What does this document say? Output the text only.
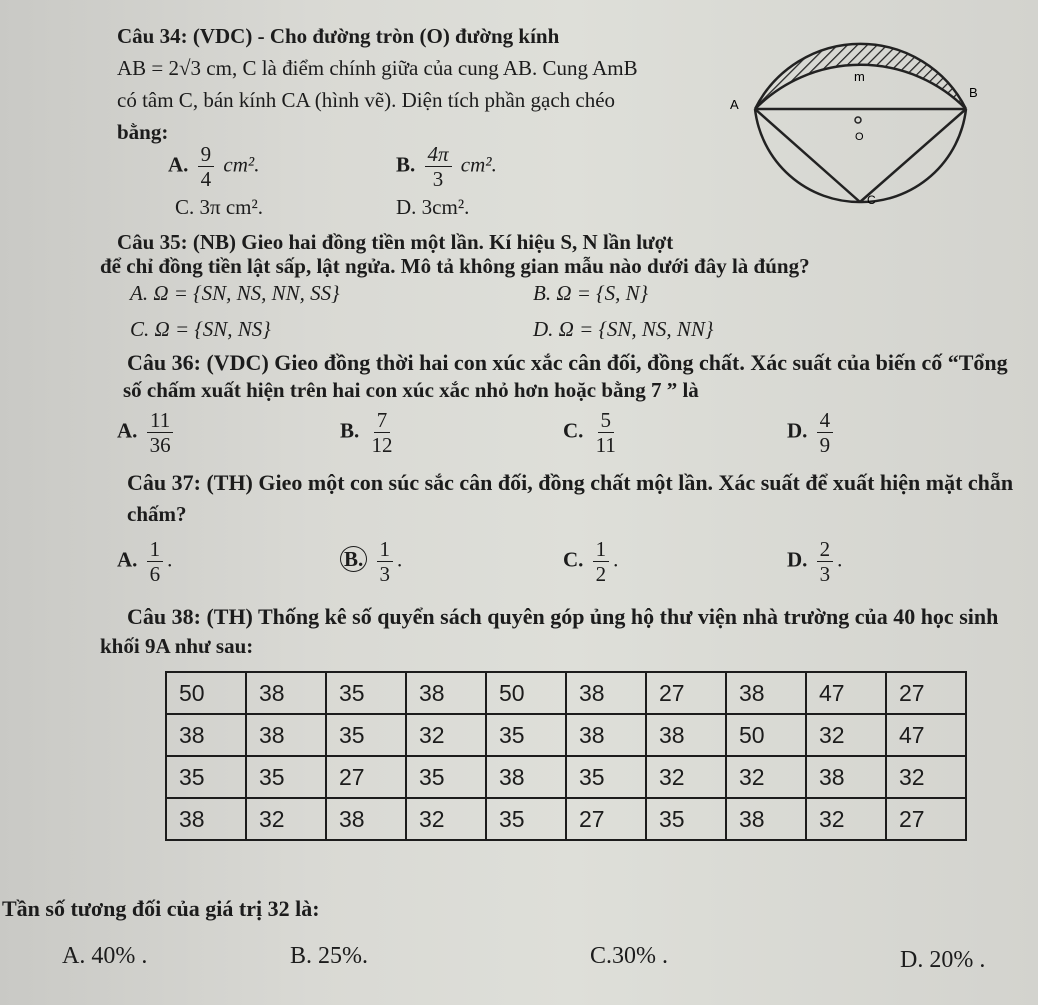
Câu 34: (VDC) - Cho đường tròn (O) đường kính
AB = 2√3 cm, C là điểm chính giữa của cung AB. Cung AmB
có tâm C, bán kính CA (hình vẽ). Diện tích phần gạch chéo
bằng:
A. $\frac{9}{4} cm^2$.	B. $\frac{4\pi}{3} cm^2$.
C. 3π cm².	D. 3cm².
m
A
B
O
C
Câu 35: (NB) Gieo hai đồng tiền một lần. Kí hiệu S, N lần lượt
để chỉ đồng tiền lật sấp, lật ngửa. Mô tả không gian mẫu nào dưới đây là đúng?
A. Ω = {SN, NS, NN, SS}	B. Ω = {S, N}
C. Ω = {SN, NS}	D. Ω = {SN, NS, NN}
Câu 36: (VDC) Gieo đồng thời hai con xúc xắc cân đối, đồng chất. Xác suất của biến cố “Tổng
số chấm xuất hiện trên hai con xúc xắc nhỏ hơn hoặc bằng 7 ” là
A. $\frac{11}{36}$	B. $\frac{7}{12}$	C. $\frac{5}{11}$	D. $\frac{4}{9}$
Câu 37: (TH) Gieo một con súc sắc cân đối, đồng chất một lần. Xác suất để xuất hiện mặt chẵn
chấm?
A. $\frac{1}{6}$ .	B. $\frac{1}{3}$ .	C. $\frac{1}{2}$ .	D. $\frac{2}{3}$ .
Câu 38: (TH) Thống kê số quyển sách quyên góp ủng hộ thư viện nhà trường của 40 học sinh
khối 9A như sau:
50	38	35	38	50	38	27	38	47	27
38	38	35	32	35	38	38	50	32	47
35	35	27	35	38	35	32	32	38	32
38	32	38	32	35	27	35	38	32	27
Tần số tương đối của giá trị 32 là:
A. 40% .	B. 25%.	C.30% .	D. 20% .
